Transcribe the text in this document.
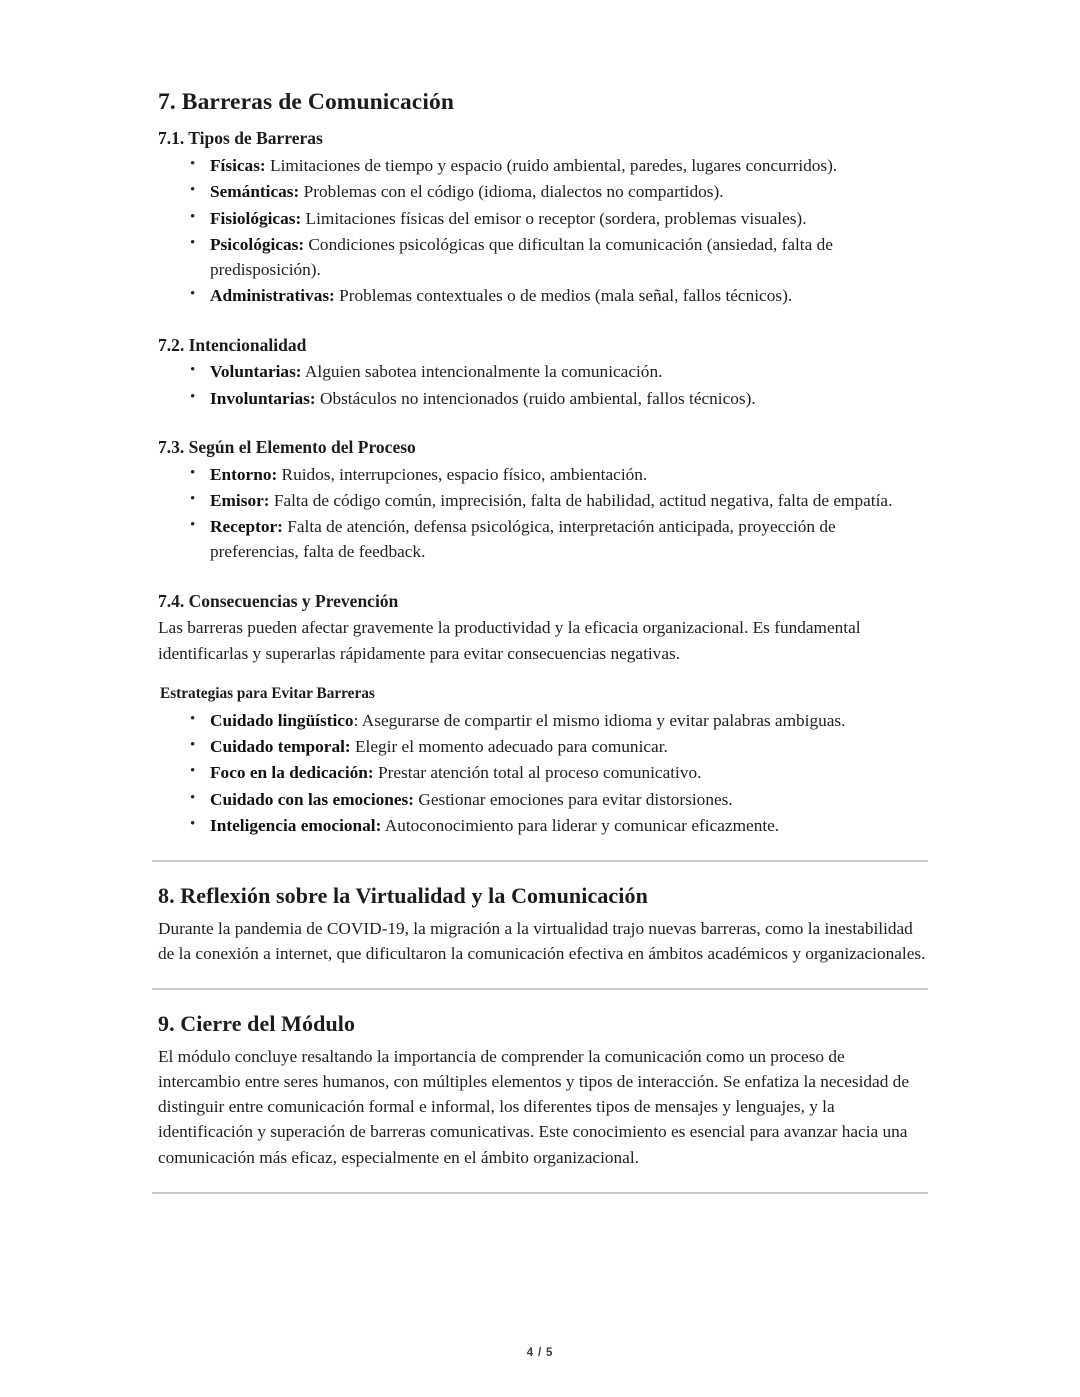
7. Barreras de Comunicación
7.1. Tipos de Barreras
• Físicas: Limitaciones de tiempo y espacio (ruido ambiental, paredes, lugares concurridos).
• Semánticas: Problemas con el código (idioma, dialectos no compartidos).
• Fisiológicas: Limitaciones físicas del emisor o receptor (sordera, problemas visuales).
• Psicológicas: Condiciones psicológicas que dificultan la comunicación (ansiedad, falta de predisposición).
• Administrativas: Problemas contextuales o de medios (mala señal, fallos técnicos).
7.2. Intencionalidad
• Voluntarias: Alguien sabotea intencionalmente la comunicación.
• Involuntarias: Obstáculos no intencionados (ruido ambiental, fallos técnicos).
7.3. Según el Elemento del Proceso
• Entorno: Ruidos, interrupciones, espacio físico, ambientación.
• Emisor: Falta de código común, imprecisión, falta de habilidad, actitud negativa, falta de empatía.
• Receptor: Falta de atención, defensa psicológica, interpretación anticipada, proyección de preferencias, falta de feedback.
7.4. Consecuencias y Prevención

Las barreras pueden afectar gravemente la productividad y la eficacia organizacional. Es fundamental identificarlas y superarlas rápidamente para evitar consecuencias negativas.

Estrategias para Evitar Barreras
• Cuidado lingüístico: Asegurarse de compartir el mismo idioma y evitar palabras ambiguas.
• Cuidado temporal: Elegir el momento adecuado para comunicar.
• Foco en la dedicación: Prestar atención total al proceso comunicativo.
• Cuidado con las emociones: Gestionar emociones para evitar distorsiones.
• Inteligencia emocional: Autoconocimiento para liderar y comunicar eficazmente.
8. Reflexión sobre la Virtualidad y la Comunicación

Durante la pandemia de COVID-19, la migración a la virtualidad trajo nuevas barreras, como la inestabilidad de la conexión a internet, que dificultaron la comunicación efectiva en ámbitos académicos y organizacionales.

9. Cierre del Módulo

El módulo concluye resaltando la importancia de comprender la comunicación como un proceso de intercambio entre seres humanos, con múltiples elementos y tipos de interacción. Se enfatiza la necesidad de distinguir entre comunicación formal e informal, los diferentes tipos de mensajes y lenguajes, y la identificación y superación de barreras comunicativas. Este conocimiento es esencial para avanzar hacia una comunicación más eficaz, especialmente en el ámbito organizacional.

4 / 5
